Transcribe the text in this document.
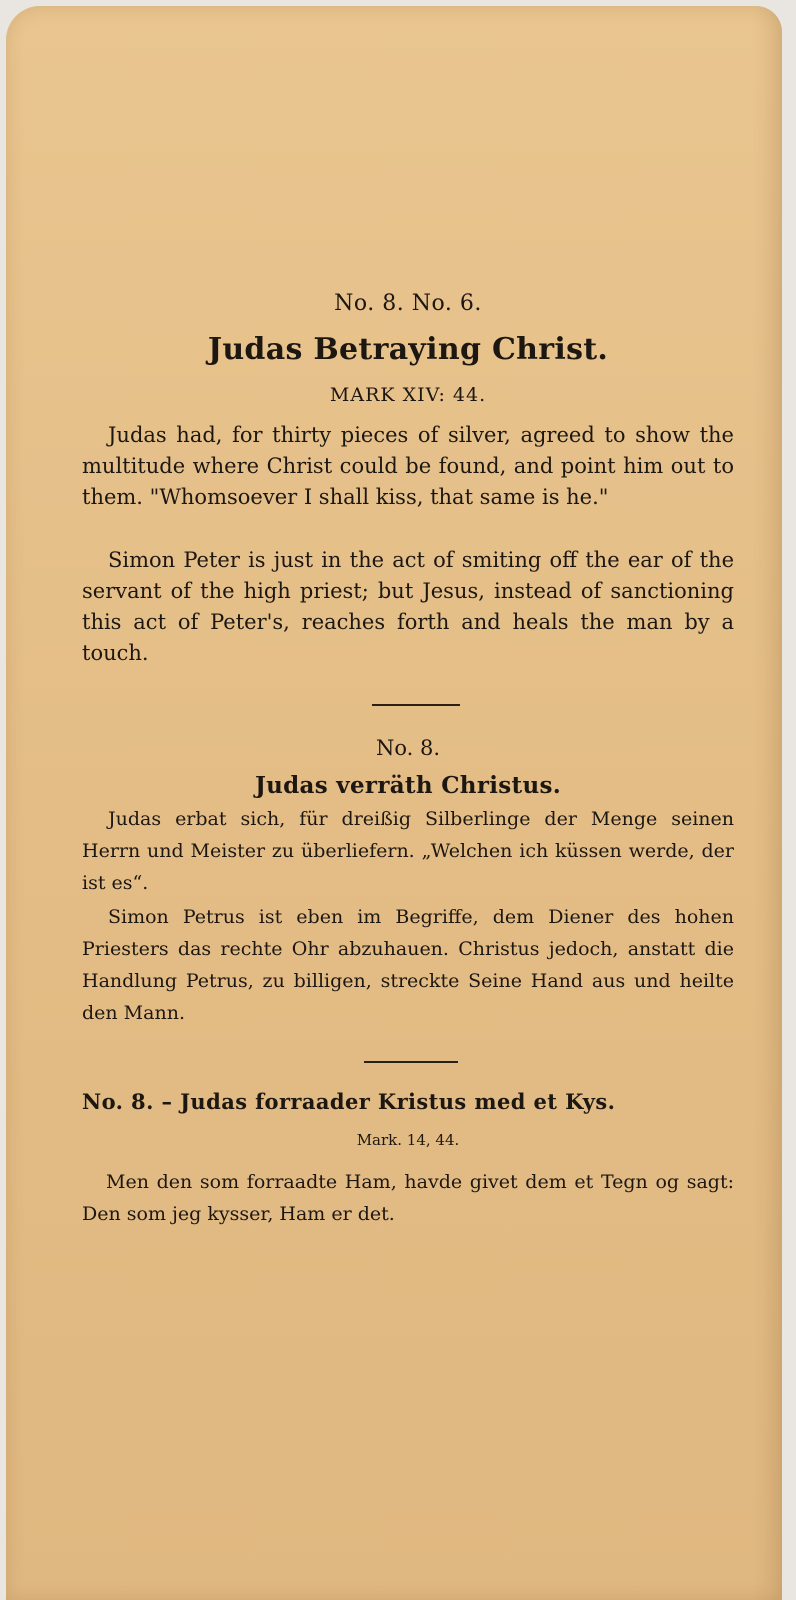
No. 8. No. 6.
Judas Betraying Christ.
MARK XIV: 44.

Judas had, for thirty pieces of silver, agreed to show the multitude where Christ could be found, and point him out to them. "Whomsoever I shall kiss, that same is he."

Simon Peter is just in the act of smiting off the ear of the servant of the high priest; but Jesus, instead of sanctioning this act of Peter's, reaches forth and heals the man by a touch.

No. 8.
Judas verräth Christus.

Judas erbat sich, für dreißig Silberlinge der Menge seinen Herrn und Meister zu überliefern. „Welchen ich küssen werde, der ist es“.

Simon Petrus ist eben im Begriffe, dem Diener des hohen Priesters das rechte Ohr abzuhauen. Christus jedoch, anstatt die Handlung Petrus, zu billigen, streckte Seine Hand aus und heilte den Mann.

No. 8. – Judas forraader Kristus med et Kys.
Mark. 14, 44.

Men den som forraadte Ham, havde givet dem et Tegn og sagt: Den som jeg kysser, Ham er det.
